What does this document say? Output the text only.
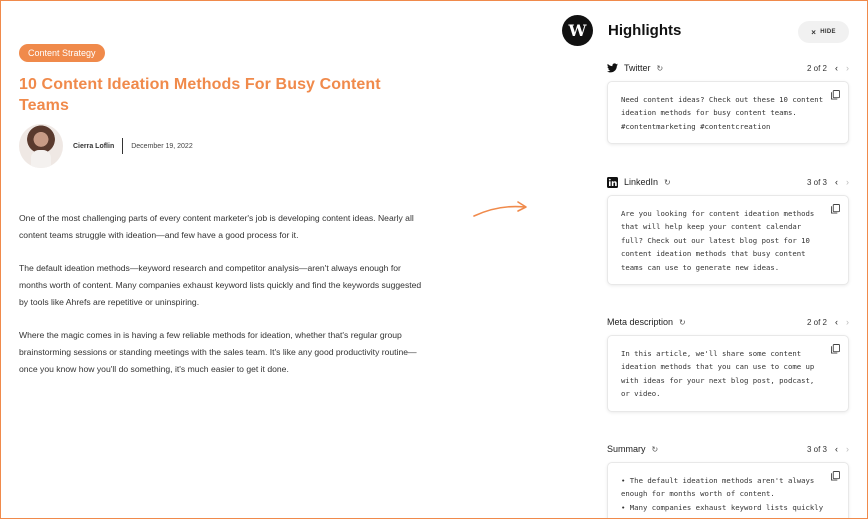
Content Strategy
10 Content Ideation Methods For Busy Content Teams
Cierra Loflin December 19, 2022

One of the most challenging parts of every content marketer's job is developing content ideas. Nearly all content teams struggle with ideation—and few have a good process for it.

The default ideation methods—keyword research and competitor analysis—aren't always enough for months worth of content. Many companies exhaust keyword lists quickly and find the keywords suggested by tools like Ahrefs are repetitive or uninspiring.

Where the magic comes in is having a few reliable methods for ideation, whether that's regular group brainstorming sessions or standing meetings with the sales team. It's like any good productivity routine—once you know how you'll do something, it's much easier to get it done.

W	Highlights	× HIDE
Twitter ↻	2 of 2 ‹ ›
Need content ideas? Check out these 10 content ideation methods for busy content teams. #contentmarketing #contentcreation
LinkedIn ↻	3 of 3 ‹ ›
Are you looking for content ideation methods that will help keep your content calendar full? Check out our latest blog post for 10 content ideation methods that busy content teams can use to generate new ideas.
Meta description ↻	2 of 2 ‹ ›
In this article, we'll share some content ideation methods that you can use to come up with ideas for your next blog post, podcast, or video.
Summary ↻	3 of 3 ‹ ›
• The default ideation methods aren't always enough for months worth of content.
• Many companies exhaust keyword lists quickly
